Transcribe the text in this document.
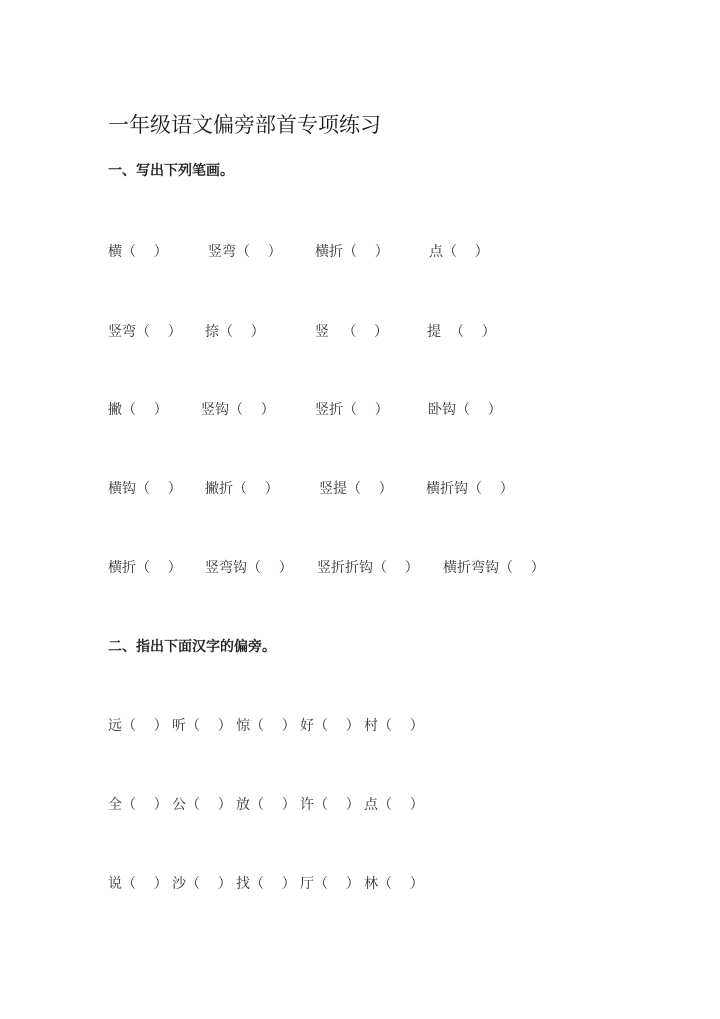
一年级语文偏旁部首专项练习
一、写出下列笔画。
横（    ）	竖弯（    ） 横折（    ）	点（    ）
竖弯（    ） 捺（    ）	竖   （    ）	提  （    ）
撇（    ） 竖钩（    ）	竖折（    ）	卧钩（    ）
横钩（    ） 撇折（    ）	竖提（    ） 横折钩（    ）
横折（    ） 竖弯钩（    ） 竖折折钩（    ） 横折弯钩（    ）
二、指出下面汉字的偏旁。
远（    ） 听（    ） 惊（    ） 好（    ） 村（    ）
全（    ） 公（    ） 放（    ） 许（    ） 点（    ）
说（    ） 沙（    ） 找（    ） 厅（    ） 林（    ）
